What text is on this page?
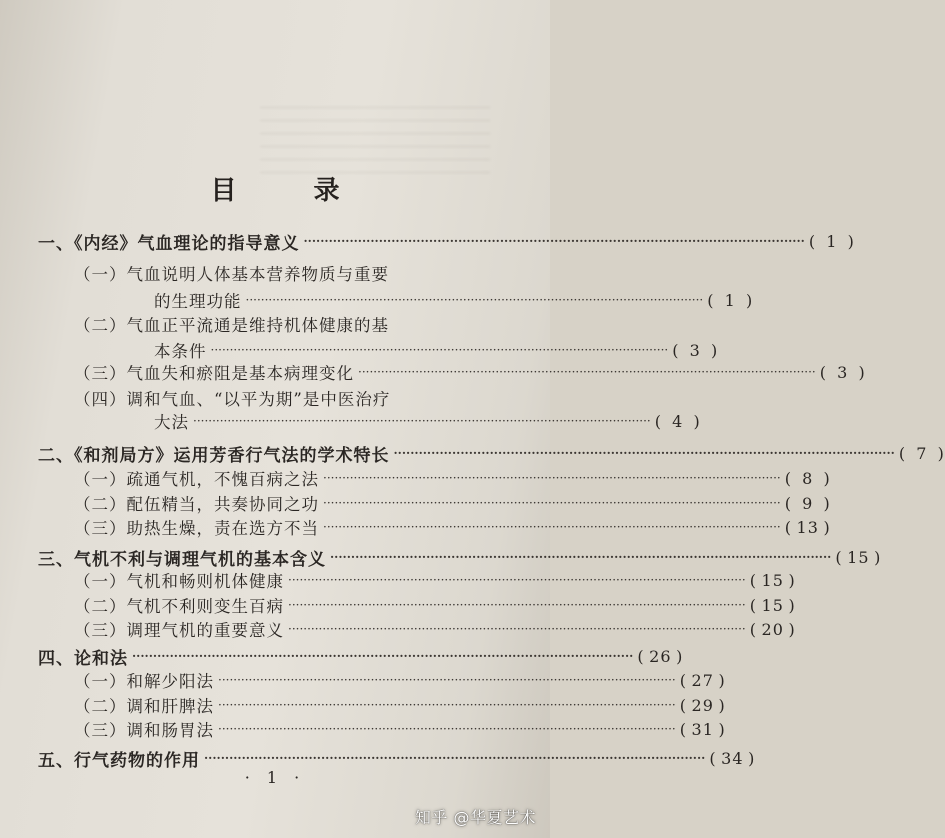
目 录
一、《内经》气血理论的指导意义 ························································································································ ( 1 )
（一）气血说明人体基本营养物质与重要
的生理功能 ························································································································ ( 1 )
（二）气血正平流通是维持机体健康的基
本条件 ························································································································ ( 3 )
（三）气血失和瘀阻是基本病理变化 ························································································································ ( 3 )
（四）调和气血、“以平为期”是中医治疗
大法 ························································································································ ( 4 )
二、《和剂局方》运用芳香行气法的学术特长 ························································································································ ( 7 )
（一）疏通气机，不愧百病之法 ························································································································ ( 8 )
（二）配伍精当，共奏协同之功 ························································································································ ( 9 )
（三）助热生燥，责在选方不当 ························································································································ ( 13 )
三、气机不利与调理气机的基本含义 ························································································································ ( 15 )
（一）气机和畅则机体健康 ························································································································ ( 15 )
（二）气机不利则变生百病 ························································································································ ( 15 )
（三）调理气机的重要意义 ························································································································ ( 20 )
四、论和法 ························································································································ ( 26 )
（一）和解少阳法 ························································································································ ( 27 )
（二）调和肝脾法 ························································································································ ( 29 )
（三）调和肠胃法 ························································································································ ( 31 )
五、行气药物的作用 ························································································································ ( 34 )
· 1 ·
知乎 @华夏艺术
